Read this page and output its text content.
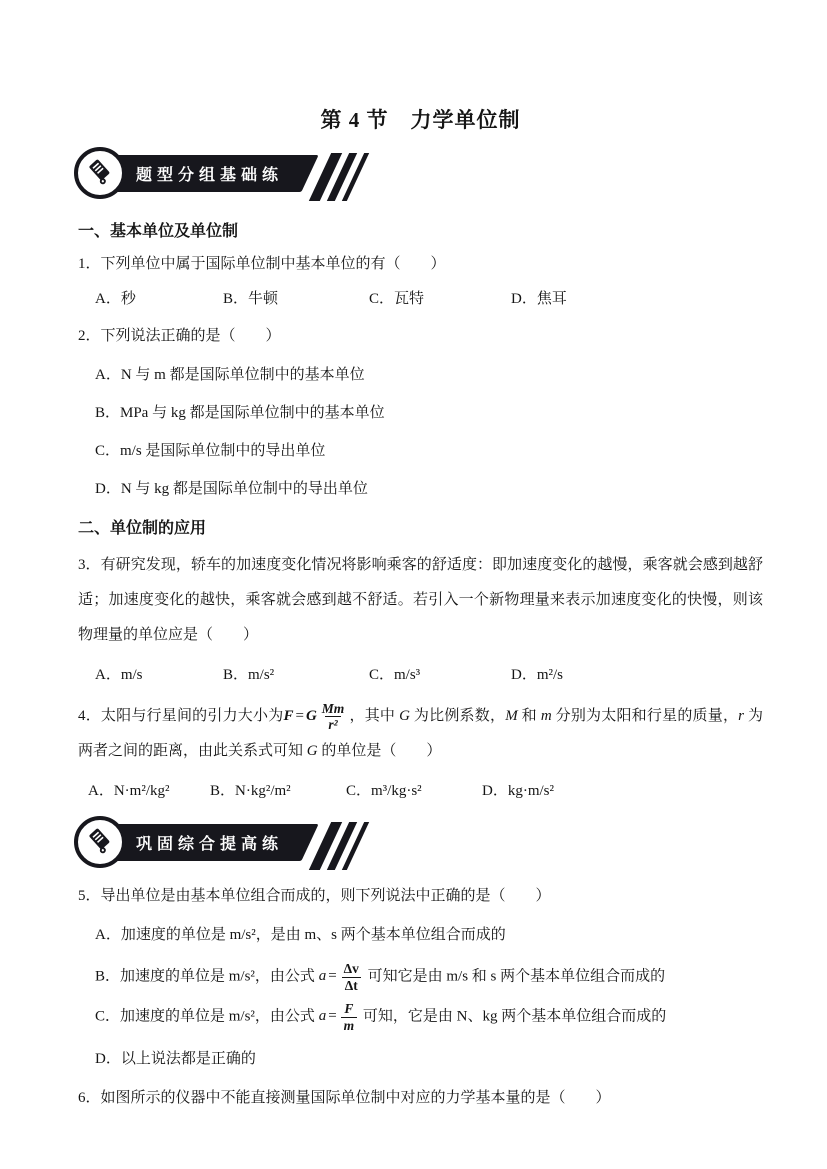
第 4 节　力学单位制
题型分组基础练
一、基本单位及单位制
1．下列单位中属于国际单位制中基本单位的有（　　）
A．秒	B．牛顿	C．瓦特	D．焦耳
2．下列说法正确的是（　　）
A．N 与 m 都是国际单位制中的基本单位
B．MPa 与 kg 都是国际单位制中的基本单位
C．m/s 是国际单位制中的导出单位
D．N 与 kg 都是国际单位制中的导出单位
二、单位制的应用
3．有研究发现，轿车的加速度变化情况将影响乘客的舒适度：即加速度变化的越慢，乘客就会感到越舒适；加速度变化的越快，乘客就会感到越不舒适。若引入一个新物理量来表示加速度变化的快慢，则该物理量的单位应是（　　）
A．m/s	B．m/s²	C．m/s³	D．m²/s
4．太阳与行星间的引力大小为F = G $\frac{Mm}{\text{r²}}$ ，其中 G 为比例系数，M 和 m 分别为太阳和行星的质量，r 为两者之间的距离，由此关系式可知 G 的单位是（　　）
A．N·m²/kg²	B．N·kg²/m²	C．m³/kg·s²	D．kg·m/s²
巩固综合提高练
5．导出单位是由基本单位组合而成的，则下列说法中正确的是（　　）
A．加速度的单位是 m/s²，是由 m、s 两个基本单位组合而成的
B．加速度的单位是 m/s²，由公式 $a = \frac{\Delta v}{\Delta t}$ 可知它是由 m/s 和 s 两个基本单位组合而成的
C．加速度的单位是 m/s²，由公式 $a = \frac{F}{m}$ 可知，它是由 N、kg 两个基本单位组合而成的
D．以上说法都是正确的
6．如图所示的仪器中不能直接测量国际单位制中对应的力学基本量的是（　　）
